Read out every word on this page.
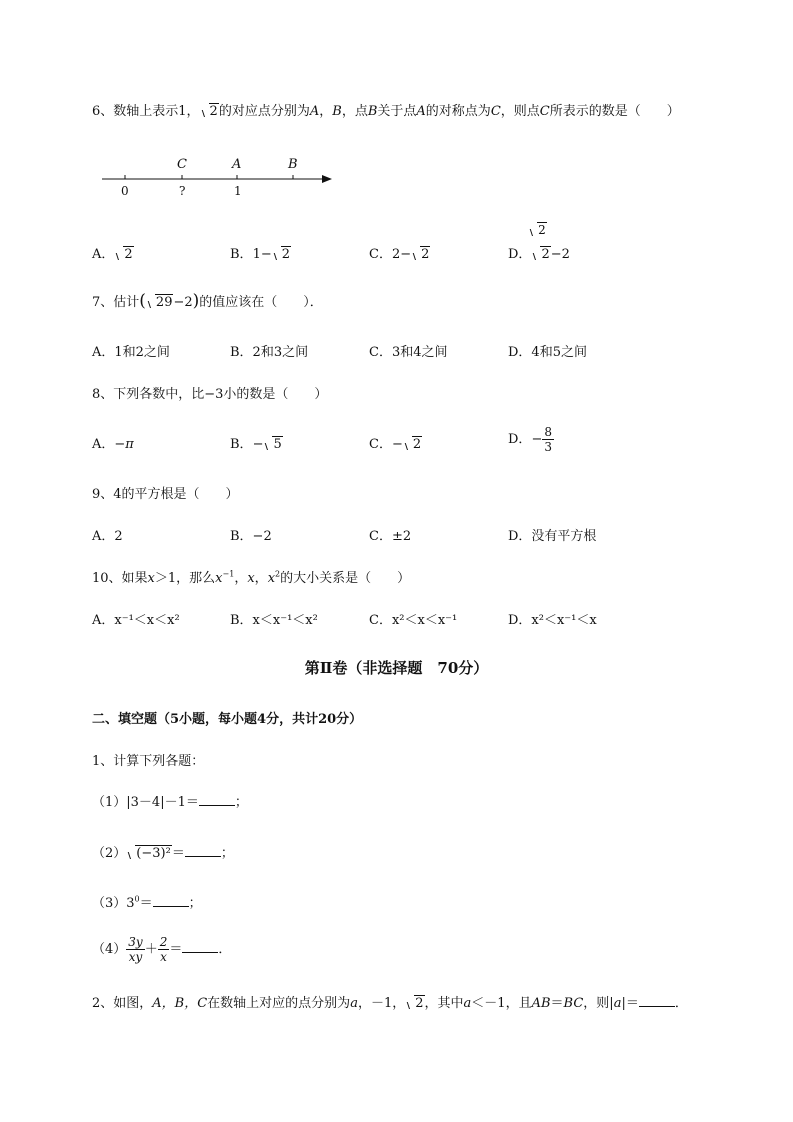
6、数轴上表示1， 2的对应点分别为A，B，点B关于点A的对称点为C，则点C所表示的数是（　　）

C	A	B
0	?	1
2
A． 2	B．1− 2	C．2− 2	D． 2−2
7、估计( 29−2)的值应该在（　　）．
A．1和2之间	B．2和3之间	C．3和4之间	D．4和5之间
8、下列各数中，比−3小的数是（　　）
A．−π	B．− 5	C．− 2	D．− $\frac{8}{3}$
9、4的平方根是（　　）
A．2	B．−2	C．±2	D．没有平方根
10、如果x＞1，那么$x^{-1}$，x，$x^2$的大小关系是（　　）
A．x⁻¹＜x＜x²	B．x＜x⁻¹＜x²	C．x²＜x＜x⁻¹	D．x²＜x⁻¹＜x
第Ⅱ卷（非选择题　70分）
二、填空题（5小题，每小题4分，共计20分）
1、计算下列各题：
（1）|3－4|－1＝	；
（2） (−3)²＝	；
$(3)3^0=$	；
$(4) \frac{3y}{xy} + \frac{2}{x}$ ＝	．
2、如图，A，B，C在数轴上对应的点分别为a，－1， 2，其中a＜－1，且AB＝BC，则|a|＝	．
